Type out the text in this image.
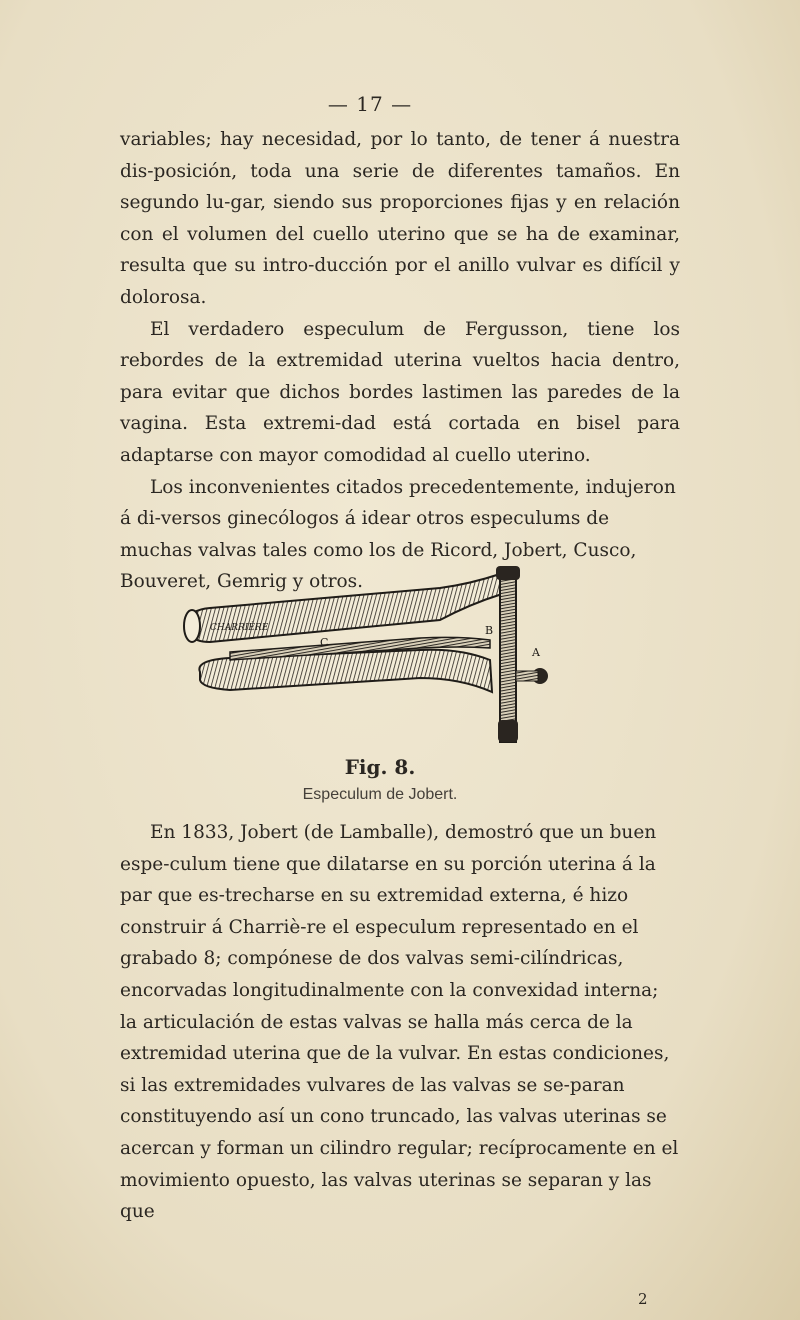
— 17 —

variables; hay necesidad, por lo tanto, de tener á nuestra dis-posición, toda una serie de diferentes tamaños. En segundo lu-gar, siendo sus proporciones fijas y en relación con el volumen del cuello uterino que se ha de examinar, resulta que su intro-ducción por el anillo vulvar es difícil y dolorosa.

El verdadero especulum de Fergusson, tiene los rebordes de la extremidad uterina vueltos hacia dentro, para evitar que dichos bordes lastimen las paredes de la vagina. Esta extremi-dad está cortada en bisel para adaptarse con mayor comodidad al cuello uterino.

Los inconvenientes citados precedentemente, indujeron á di-versos ginecólogos á idear otros especulums de muchas valvas tales como los de Ricord, Jobert, Cusco, Bouveret, Gemrig y otros.

CHARRIÈRE
C
B
A
Fig. 8.
Especulum de Jobert.

En 1833, Jobert (de Lamballe), demostró que un buen espe-culum tiene que dilatarse en su porción uterina á la par que es-trecharse en su extremidad externa, é hizo construir á Charriè-re el especulum representado en el grabado 8; compónese de dos valvas semi-cilíndricas, encorvadas longitudinalmente con la convexidad interna; la articulación de estas valvas se halla más cerca de la extremidad uterina que de la vulvar. En estas condiciones, si las extremidades vulvares de las valvas se se-paran constituyendo así un cono truncado, las valvas uterinas se acercan y forman un cilindro regular; recíprocamente en el movimiento opuesto, las valvas uterinas se separan y las que

2
